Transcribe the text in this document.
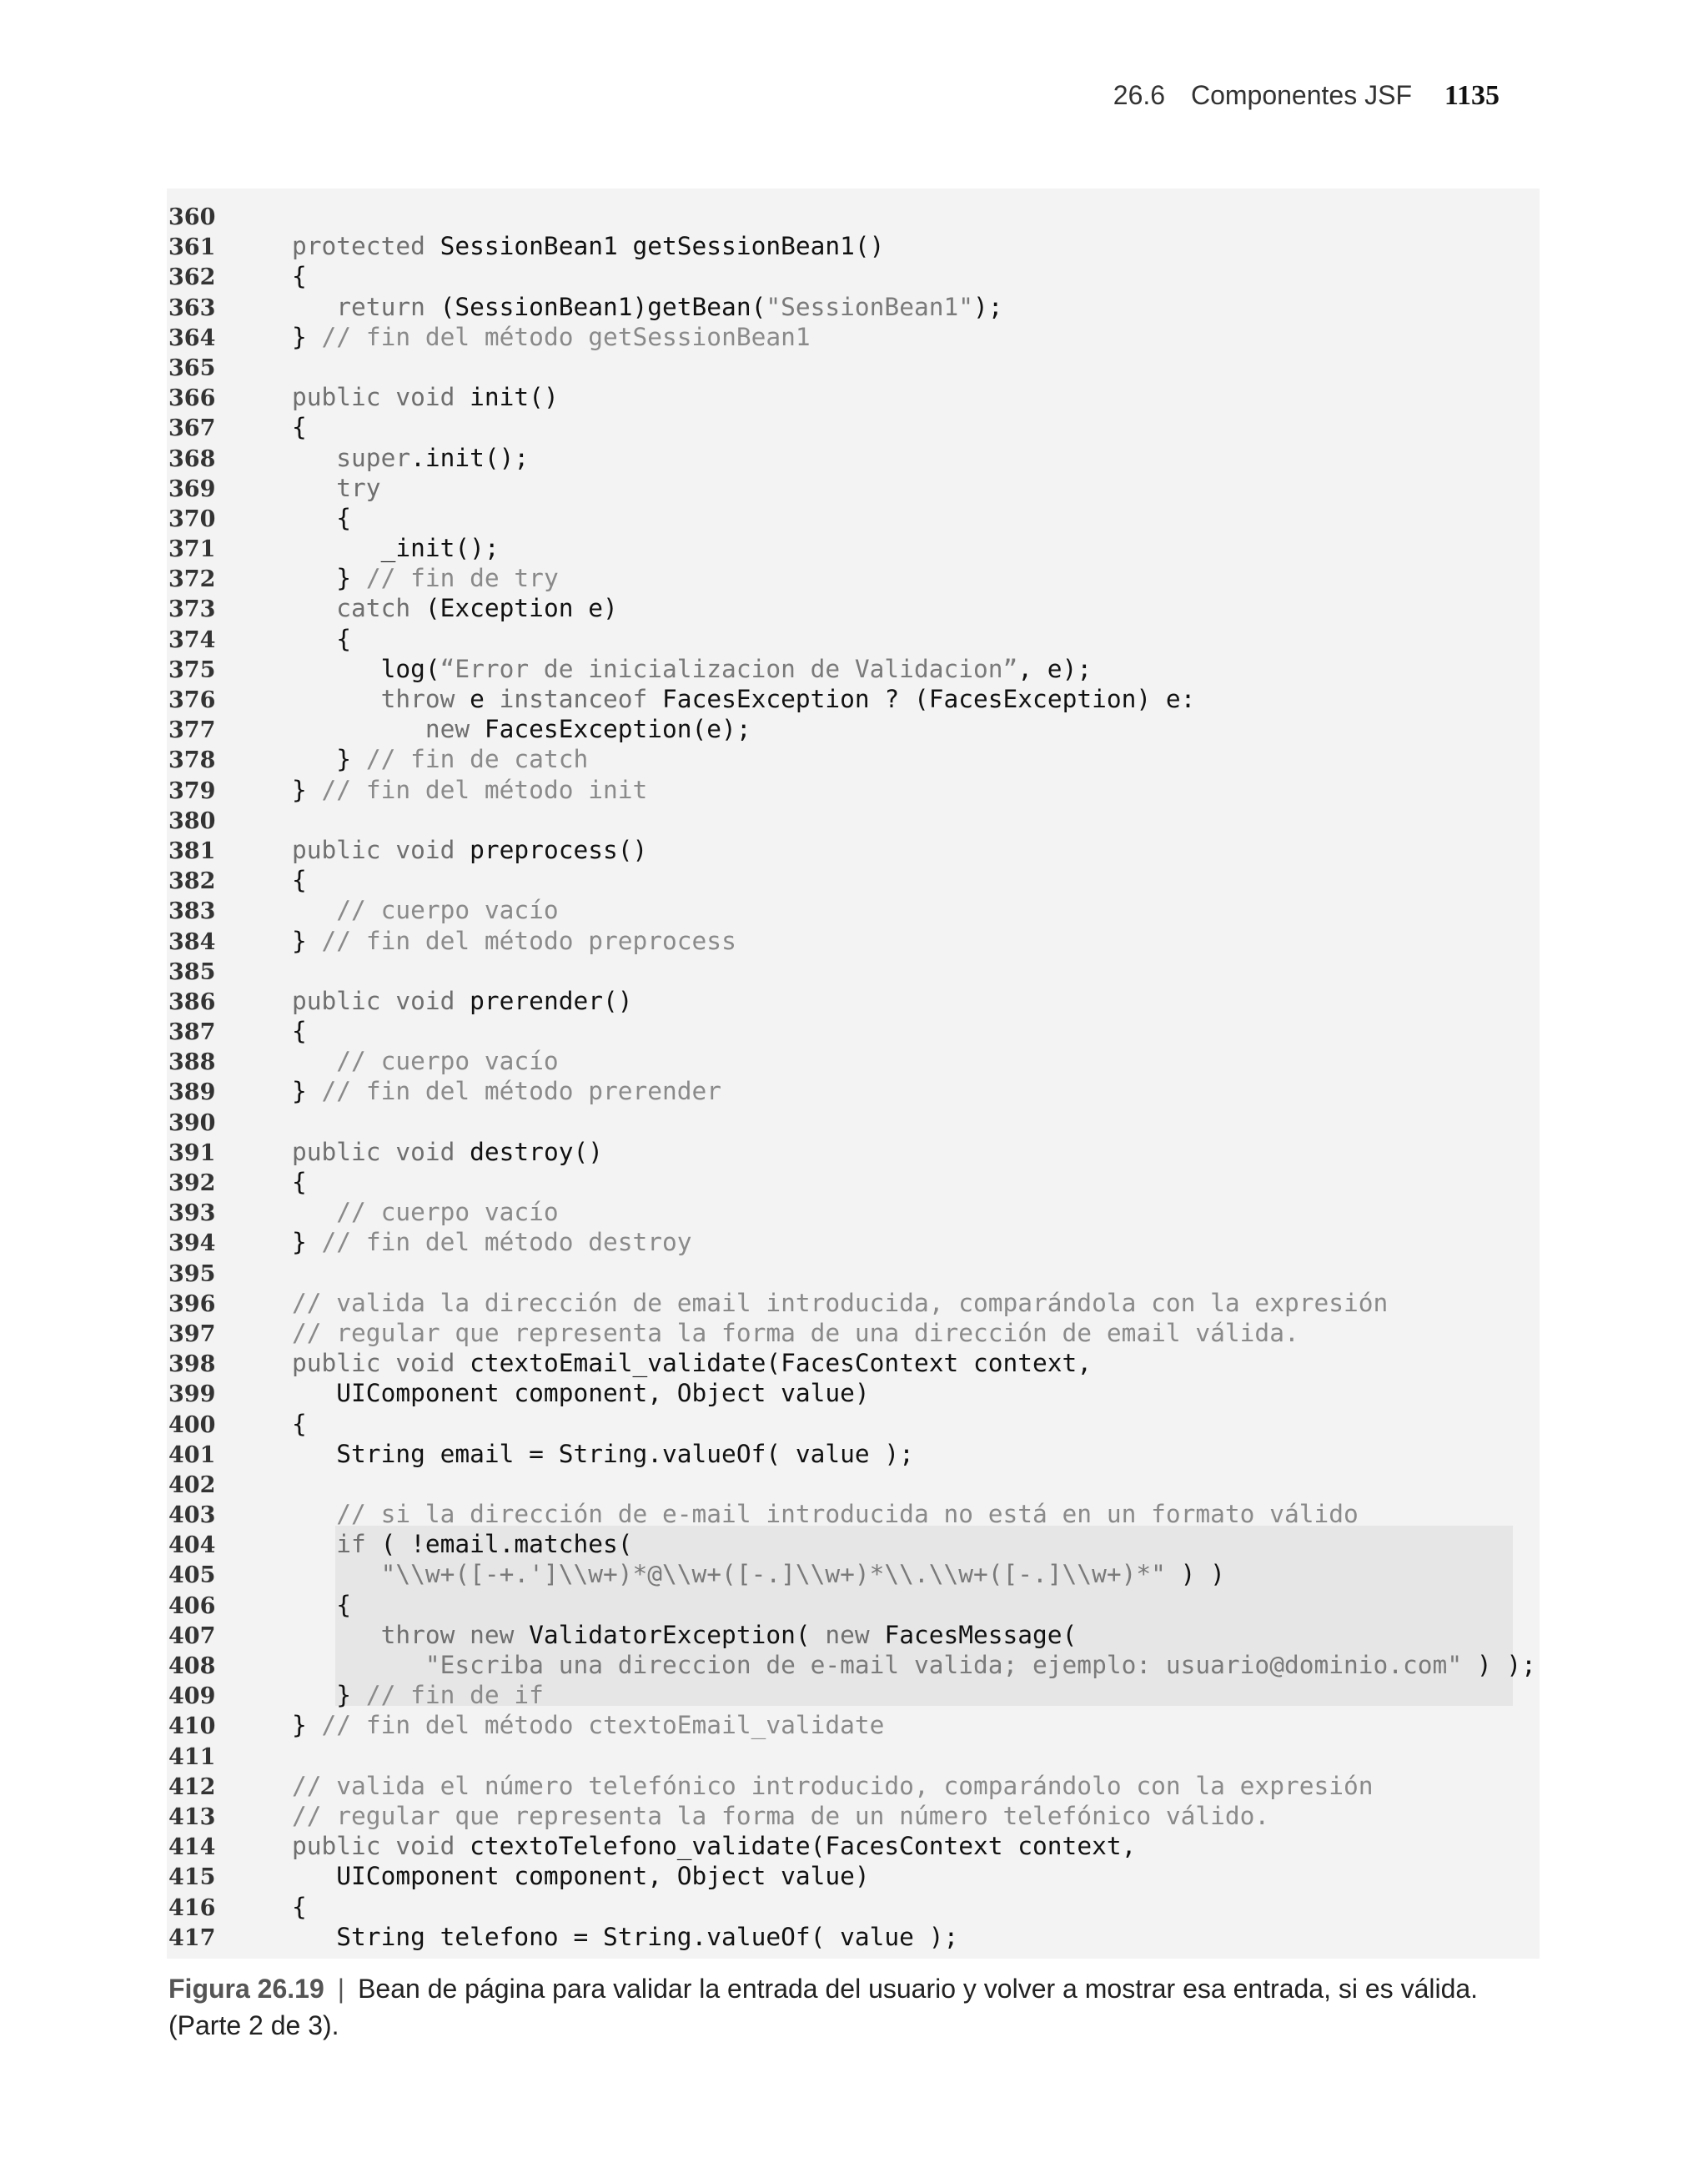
26.6 Componentes JSF 1135
360
361	protected SessionBean1 getSessionBean1()
362	{
363	return (SessionBean1)getBean("SessionBean1");
364	} // fin del método getSessionBean1
365
366	public void init()
367	{
368	super.init();
369	try
370	{
371	_init();
372	} // fin de try
373	catch (Exception e)
374	{
375	log(“Error de inicializacion de Validacion”, e);
376	throw e instanceof FacesException ? (FacesException) e:
377	new FacesException(e);
378	} // fin de catch
379	} // fin del método init
380
381	public void preprocess()
382	{
383	// cuerpo vacío
384	} // fin del método preprocess
385
386	public void prerender()
387	{
388	// cuerpo vacío
389	} // fin del método prerender
390
391	public void destroy()
392	{
393	// cuerpo vacío
394	} // fin del método destroy
395
396	// valida la dirección de email introducida, comparándola con la expresión
397	// regular que representa la forma de una dirección de email válida.
398	public void ctextoEmail_validate(FacesContext context,
399	UIComponent component, Object value)
400	{
401	String email = String.valueOf( value );
402
403	// si la dirección de e-mail introducida no está en un formato válido
404	if ( !email.matches(
405	"\\w+([-+.']\\w+)*@\\w+([-.]\\w+)*\\.\\w+([-.]\\w+)*" ) )
406	{
407	throw new ValidatorException( new FacesMessage(
408	"Escriba una direccion de e-mail valida; ejemplo: usuario@dominio.com" ) );
409	} // fin de if
410	} // fin del método ctextoEmail_validate
411
412	// valida el número telefónico introducido, comparándolo con la expresión
413	// regular que representa la forma de un número telefónico válido.
414	public void ctextoTelefono_validate(FacesContext context,
415	UIComponent component, Object value)
416	{
417	String telefono = String.valueOf( value );
Figura 26.19 | Bean de página para validar la entrada del usuario y volver a mostrar esa entrada, si es válida.
(Parte 2 de 3).
